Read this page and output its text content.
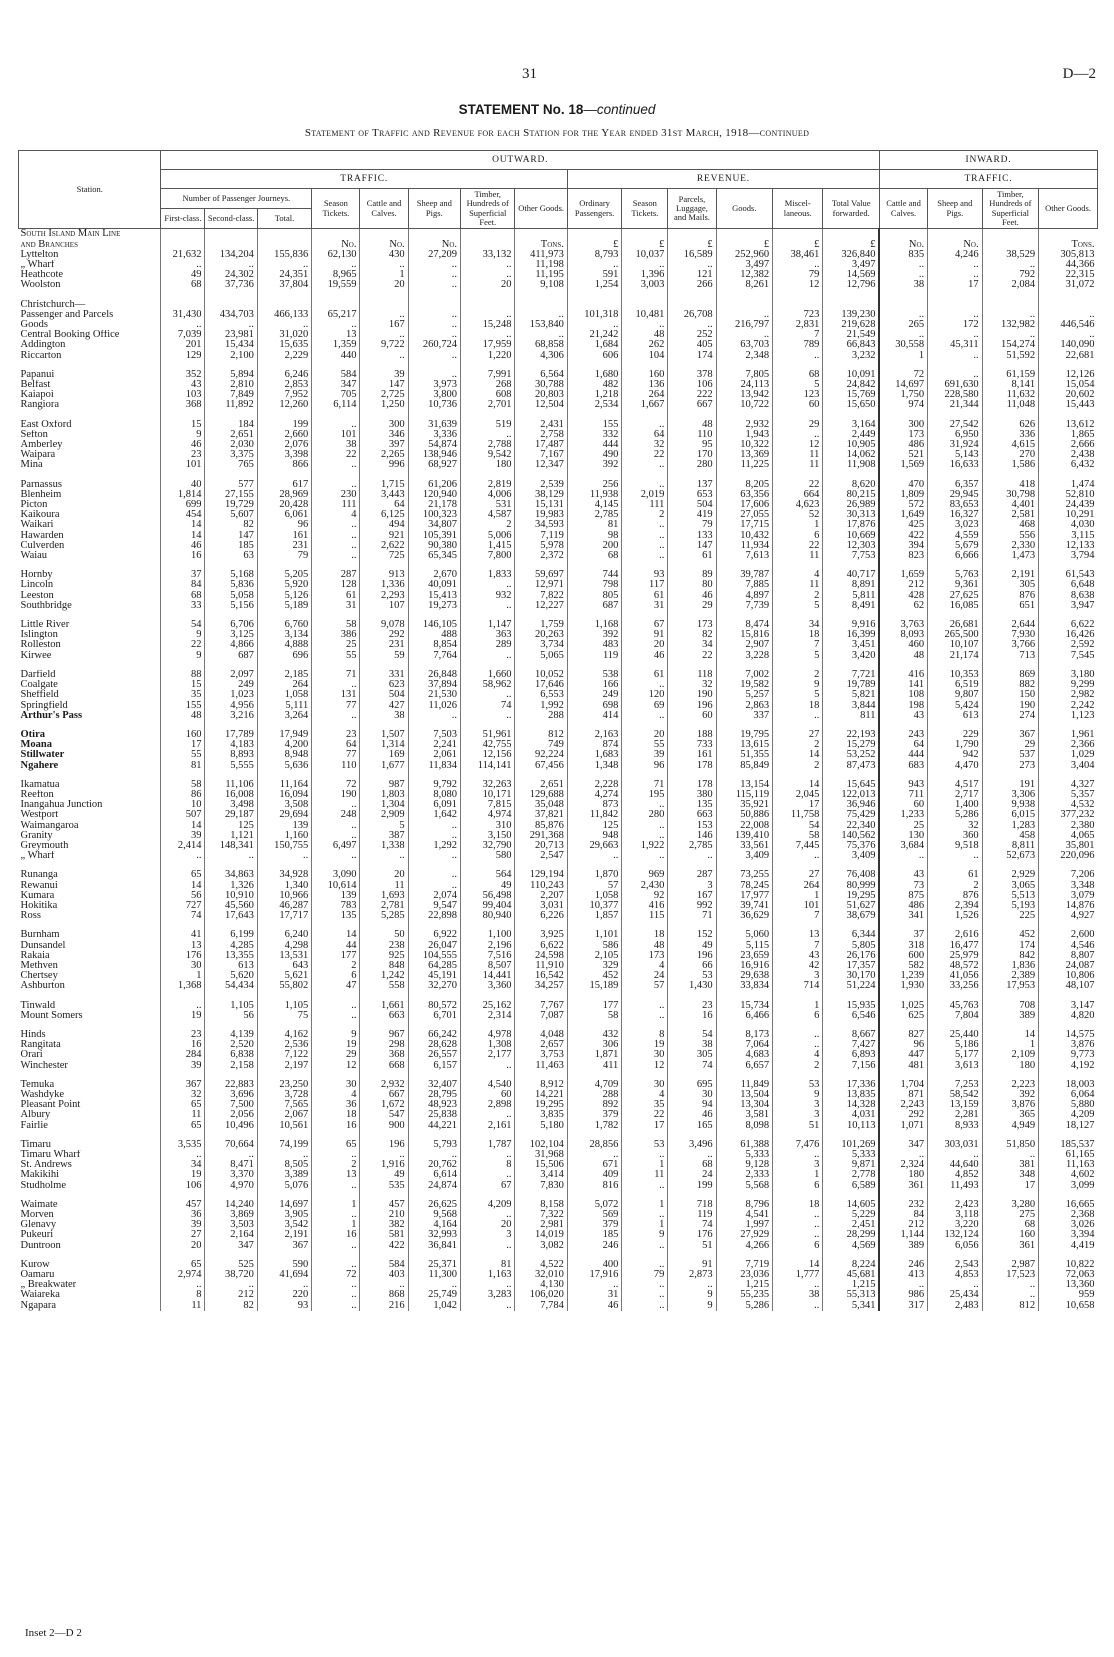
31	D—2
STATEMENT No. 18—continued
Statement of Traffic and Revenue for each Station for the Year ended 31st March, 1918—continued
Station.	OUTWARD.														INWARD.			
	TRAFFIC.								REVENUE.						TRAFFIC.			
	Number of Passenger Journeys.			Season Tickets.	Cattle and Calves.	Sheep and Pigs.	Timber, Hundreds of Superficial Feet.	Other Goods.	Ordinary Passengers.	Season Tickets.	Parcels, Luggage, and Mails.	Goods.	Miscel-laneous.	Total Value forwarded.	Cattle and Calves.	Sheep and Pigs.	Timber, Hundreds of Superficial Feet.	Other Goods.
	First-class.	Second-class.	Total.															
South Island Main Line																		
and Branches				No.	No.	No.		Tons.	£	£	£	£	£	£	No.	No.		Tons.
Lyttelton	21,632	134,204	155,836	62,130	430	27,209	33,132	411,973	8,793	10,037	16,589	252,960	38,461	326,840	835	4,246	38,529	305,813
„ Wharf	..	..	..	..	..	..	..	11,198	..	..	..	3,497	..	3,497	..	..	..	44,366
Heathcote	49	24,302	24,351	8,965	1	..	..	11,195	591	1,396	121	12,382	79	14,569	..	..	792	22,315
Woolston	68	37,736	37,804	19,559	20	..	20	9,108	1,254	3,003	266	8,261	12	12,796	38	17	2,084	31,072

Christchurch—																		
Passenger and Parcels	31,430	434,703	466,133	65,217	..	..	..	..	101,318	10,481	26,708	..	723	139,230	..	..	..	..
Goods	..	..	..	..	167	..	15,248	153,840	..	..	..	216,797	2,831	219,628	265	172	132,982	446,546
Central Booking Office	7,039	23,981	31,020	13	..	..	..	..	21,242	48	252	..	7	21,549	..	..	..	..
Addington	201	15,434	15,635	1,359	9,722	260,724	17,959	68,858	1,684	262	405	63,703	789	66,843	30,558	45,311	154,274	140,090
Riccarton	129	2,100	2,229	440	..	..	1,220	4,306	606	104	174	2,348	..	3,232	1	..	51,592	22,681

Papanui	352	5,894	6,246	584	39	..	7,991	6,564	1,680	160	378	7,805	68	10,091	72	..	61,159	12,126
Belfast	43	2,810	2,853	347	147	3,973	268	30,788	482	136	106	24,113	5	24,842	14,697	691,630	8,141	15,054
Kaiapoi	103	7,849	7,952	705	2,725	3,800	608	20,803	1,218	264	222	13,942	123	15,769	1,750	228,580	11,632	20,602
Rangiora	368	11,892	12,260	6,114	1,250	10,736	2,701	12,504	2,534	1,667	667	10,722	60	15,650	974	21,344	11,048	15,443

East Oxford	15	184	199	..	300	31,639	519	2,431	155	..	48	2,932	29	3,164	300	27,542	626	13,612
Sefton	9	2,651	2,660	101	346	3,336	..	2,758	332	64	110	1,943	..	2,449	173	6,950	336	1,865
Amberley	46	2,030	2,076	38	397	54,874	2,788	17,487	444	32	95	10,322	12	10,905	486	31,924	4,615	2,666
Waipara	23	3,375	3,398	22	2,265	138,946	9,542	7,167	490	22	170	13,369	11	14,062	521	5,143	270	2,438
Mina	101	765	866	..	996	68,927	180	12,347	392	..	280	11,225	11	11,908	1,569	16,633	1,586	6,432

Parnassus	40	577	617	..	1,715	61,206	2,819	2,539	256	..	137	8,205	22	8,620	470	6,357	418	1,474
Blenheim	1,814	27,155	28,969	230	3,443	120,940	4,006	38,129	11,938	2,019	653	63,356	664	80,215	1,809	29,945	30,798	52,810
Picton	699	19,729	20,428	111	64	21,178	531	15,131	4,145	111	504	17,606	4,623	26,989	572	83,653	4,401	24,439
Kaikoura	454	5,607	6,061	4	6,125	100,323	4,587	19,983	2,785	2	419	27,055	52	30,313	1,649	16,327	2,581	10,291
Waikari	14	82	96	..	494	34,807	2	34,593	81	..	79	17,715	1	17,876	425	3,023	468	4,030
Hawarden	14	147	161	..	921	105,391	5,006	7,119	98	..	133	10,432	6	10,669	422	4,559	556	3,115
Culverden	46	185	231	..	2,622	90,380	1,415	5,978	200	..	147	11,934	22	12,303	394	5,679	2,330	12,133
Waiau	16	63	79	..	725	65,345	7,800	2,372	68	..	61	7,613	11	7,753	823	6,666	1,473	3,794

Hornby	37	5,168	5,205	287	913	2,670	1,833	59,697	744	93	89	39,787	4	40,717	1,659	5,763	2,191	61,543
Lincoln	84	5,836	5,920	128	1,336	40,091	..	12,971	798	117	80	7,885	11	8,891	212	9,361	305	6,648
Leeston	68	5,058	5,126	61	2,293	15,413	932	7,822	805	61	46	4,897	2	5,811	428	27,625	876	8,638
Southbridge	33	5,156	5,189	31	107	19,273	..	12,227	687	31	29	7,739	5	8,491	62	16,085	651	3,947

Little River	54	6,706	6,760	58	9,078	146,105	1,147	1,759	1,168	67	173	8,474	34	9,916	3,763	26,681	2,644	6,622
Islington	9	3,125	3,134	386	292	488	363	20,263	392	91	82	15,816	18	16,399	8,093	265,500	7,930	16,426
Rolleston	22	4,866	4,888	25	231	8,854	289	3,734	483	20	34	2,907	7	3,451	460	10,107	3,766	2,592
Kirwee	9	687	696	55	59	7,764	..	5,065	119	46	22	3,228	5	3,420	48	21,174	713	7,545

Darfield	88	2,097	2,185	71	331	26,848	1,660	10,052	538	61	118	7,002	2	7,721	416	10,353	869	3,180
Coalgate	15	249	264	..	623	37,894	58,962	17,646	166	..	32	19,582	9	19,789	141	6,519	882	9,299
Sheffield	35	1,023	1,058	131	504	21,530	..	6,553	249	120	190	5,257	5	5,821	108	9,807	150	2,982
Springfield	155	4,956	5,111	77	427	11,026	74	1,992	698	69	196	2,863	18	3,844	198	5,424	190	2,242
Arthur's Pass	48	3,216	3,264	..	38	..	..	288	414	..	60	337	..	811	43	613	274	1,123

Otira	160	17,789	17,949	23	1,507	7,503	51,961	812	2,163	20	188	19,795	27	22,193	243	229	367	1,961
Moana	17	4,183	4,200	64	1,314	2,241	42,755	749	874	55	733	13,615	2	15,279	64	1,790	29	2,366
Stillwater	55	8,893	8,948	77	169	2,061	12,156	92,224	1,683	39	161	51,355	14	53,252	444	942	537	1,029
Ngahere	81	5,555	5,636	110	1,677	11,834	114,141	67,456	1,348	96	178	85,849	2	87,473	683	4,470	273	3,404

Ikamatua	58	11,106	11,164	72	987	9,792	32,263	2,651	2,228	71	178	13,154	14	15,645	943	4,517	191	4,327
Reefton	86	16,008	16,094	190	1,803	8,080	10,171	129,688	4,274	195	380	115,119	2,045	122,013	711	2,717	3,306	5,357
Inangahua Junction	10	3,498	3,508	..	1,304	6,091	7,815	35,048	873	..	135	35,921	17	36,946	60	1,400	9,938	4,532
Westport	507	29,187	29,694	248	2,909	1,642	4,974	37,821	11,842	280	663	50,886	11,758	75,429	1,233	5,286	6,015	377,232
Waimangaroa	14	125	139	..	5	..	310	85,876	125	..	153	22,008	54	22,340	25	32	1,283	2,380
Granity	39	1,121	1,160	..	387	..	3,150	291,368	948	..	146	139,410	58	140,562	130	360	458	4,065
Greymouth	2,414	148,341	150,755	6,497	1,338	1,292	32,790	20,713	29,663	1,922	2,785	33,561	7,445	75,376	3,684	9,518	8,811	35,801
„ Wharf	..	..	..	..	..	..	580	2,547	..	..	..	3,409	..	3,409	..	..	52,673	220,096

Runanga	65	34,863	34,928	3,090	20	..	564	129,194	1,870	969	287	73,255	27	76,408	43	61	2,929	7,206
Rewanui	14	1,326	1,340	10,614	11	..	49	110,243	57	2,430	3	78,245	264	80,999	73	2	3,065	3,348
Kumara	56	10,910	10,966	139	1,693	2,074	56,498	2,207	1,058	92	167	17,977	1	19,295	875	876	5,513	3,079
Hokitika	727	45,560	46,287	783	2,781	9,547	99,404	3,031	10,377	416	992	39,741	101	51,627	486	2,394	5,193	14,876
Ross	74	17,643	17,717	135	5,285	22,898	80,940	6,226	1,857	115	71	36,629	7	38,679	341	1,526	225	4,927

Burnham	41	6,199	6,240	14	50	6,922	1,100	3,925	1,101	18	152	5,060	13	6,344	37	2,616	452	2,600
Dunsandel	13	4,285	4,298	44	238	26,047	2,196	6,622	586	48	49	5,115	7	5,805	318	16,477	174	4,546
Rakaia	176	13,355	13,531	177	925	104,555	7,516	24,598	2,105	173	196	23,659	43	26,176	600	25,979	842	8,807
Methven	30	613	643	2	848	64,285	8,507	11,910	329	4	66	16,916	42	17,357	582	48,572	1,836	24,087
Chertsey	1	5,620	5,621	6	1,242	45,191	14,441	16,542	452	24	53	29,638	3	30,170	1,239	41,056	2,389	10,806
Ashburton	1,368	54,434	55,802	47	558	32,270	3,360	34,257	15,189	57	1,430	33,834	714	51,224	1,930	33,256	17,953	48,107

Tinwald	..	1,105	1,105	..	1,661	80,572	25,162	7,767	177	..	23	15,734	1	15,935	1,025	45,763	708	3,147
Mount Somers	19	56	75	..	663	6,701	2,314	7,087	58	..	16	6,466	6	6,546	625	7,804	389	4,820

Hinds	23	4,139	4,162	9	967	66,242	4,978	4,048	432	8	54	8,173	..	8,667	827	25,440	14	14,575
Rangitata	16	2,520	2,536	19	298	28,628	1,308	2,657	306	19	38	7,064	..	7,427	96	5,186	1	3,876
Orari	284	6,838	7,122	29	368	26,557	2,177	3,753	1,871	30	305	4,683	4	6,893	447	5,177	2,109	9,773
Winchester	39	2,158	2,197	12	668	6,157	..	11,463	411	12	74	6,657	2	7,156	481	3,613	180	4,192

Temuka	367	22,883	23,250	30	2,932	32,407	4,540	8,912	4,709	30	695	11,849	53	17,336	1,704	7,253	2,223	18,003
Washdyke	32	3,696	3,728	4	667	28,795	60	14,221	288	4	30	13,504	9	13,835	871	58,542	392	6,064
Pleasant Point	65	7,500	7,565	36	1,672	48,923	2,898	19,295	892	35	94	13,304	3	14,328	2,243	13,159	3,876	5,880
Albury	11	2,056	2,067	18	547	25,838	..	3,835	379	22	46	3,581	3	4,031	292	2,281	365	4,209
Fairlie	65	10,496	10,561	16	900	44,221	2,161	5,180	1,782	17	165	8,098	51	10,113	1,071	8,933	4,949	18,127

Timaru	3,535	70,664	74,199	65	196	5,793	1,787	102,104	28,856	53	3,496	61,388	7,476	101,269	347	303,031	51,850	185,537
Timaru Wharf	..	..	..	..	..	..	..	31,968	..	..	..	5,333	..	5,333	..	..	..	61,165
St. Andrews	34	8,471	8,505	2	1,916	20,762	8	15,506	671	1	68	9,128	3	9,871	2,324	44,640	381	11,163
Makikihi	19	3,370	3,389	13	49	6,614	..	3,414	409	11	24	2,333	1	2,778	180	4,852	348	4,602
Studholme	106	4,970	5,076	..	535	24,874	67	7,830	816	..	199	5,568	6	6,589	361	11,493	17	3,099

Waimate	457	14,240	14,697	1	457	26,625	4,209	8,158	5,072	1	718	8,796	18	14,605	232	2,423	3,280	16,665
Morven	36	3,869	3,905	..	210	9,568	..	7,322	569	..	119	4,541	..	5,229	84	3,118	275	2,368
Glenavy	39	3,503	3,542	1	382	4,164	20	2,981	379	1	74	1,997	..	2,451	212	3,220	68	3,026
Pukeuri	27	2,164	2,191	16	581	32,993	3	14,019	185	9	176	27,929	..	28,299	1,144	132,124	160	3,394
Duntroon	20	347	367	..	422	36,841	..	3,082	246	..	51	4,266	6	4,569	389	6,056	361	4,419

Kurow	65	525	590	..	584	25,371	81	4,522	400	..	91	7,719	14	8,224	246	2,543	2,987	10,822
Oamaru	2,974	38,720	41,694	72	403	11,300	1,163	32,010	17,916	79	2,873	23,036	1,777	45,681	413	4,853	17,523	72,063
„ Breakwater	..	..	..	..	..	..	..	4,130	..	..	..	1,215	..	1,215	..	..	..	13,360
Waiareka	8	212	220	..	868	25,749	3,283	106,020	31	..	9	55,235	38	55,313	986	25,434	..	959
Ngapara	11	82	93	..	216	1,042	..	7,784	46	..	9	5,286	..	5,341	317	2,483	812	10,658
Inset 2—D 2
